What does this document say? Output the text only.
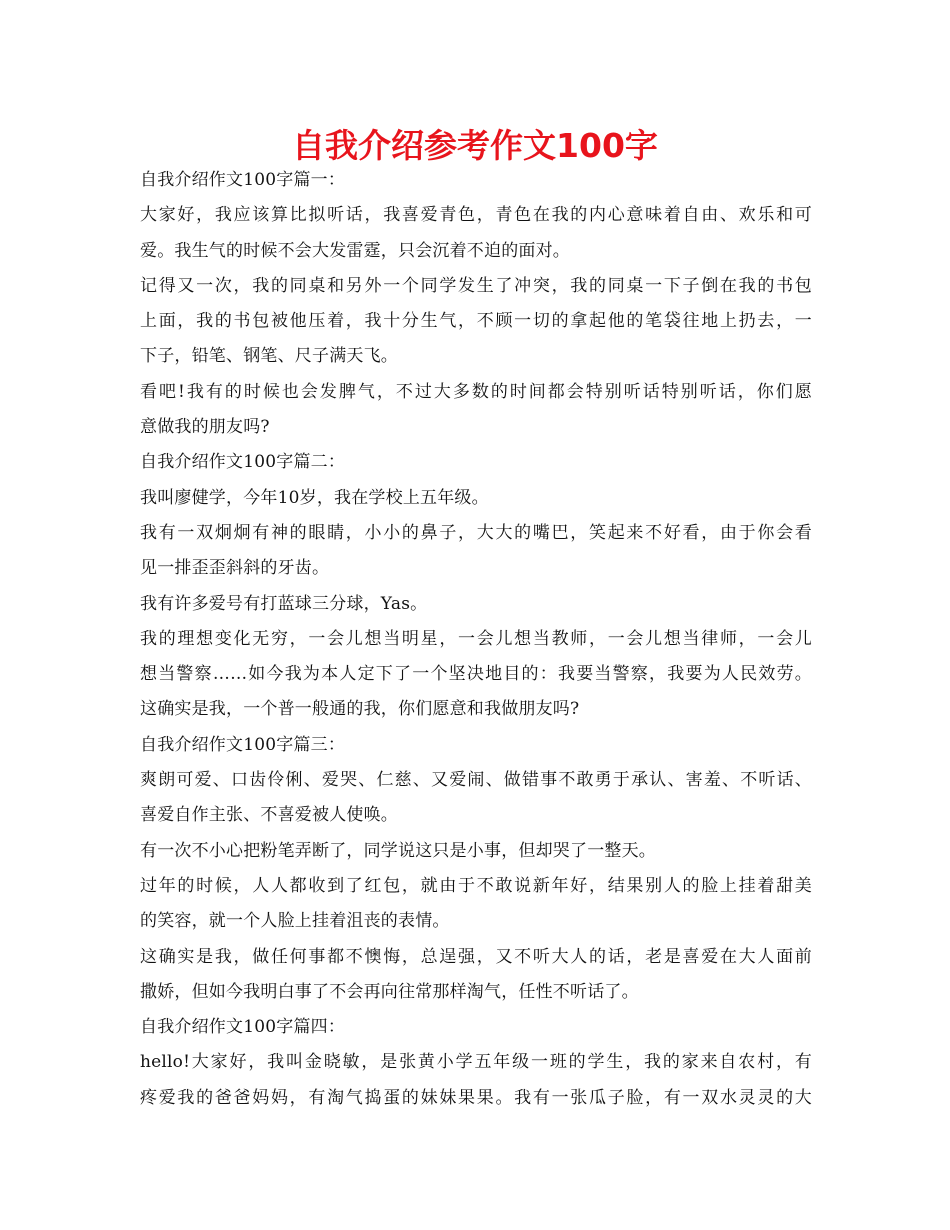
自我介绍参考作文100字
自我介绍作文100字篇一：
大家好，我应该算比拟听话，我喜爱青色，青色在我的内心意味着自由、欢乐和可
爱。我生气的时候不会大发雷霆，只会沉着不迫的面对。
记得又一次，我的同桌和另外一个同学发生了冲突，我的同桌一下子倒在我的书包
上面，我的书包被他压着，我十分生气，不顾一切的拿起他的笔袋往地上扔去，一
下子，铅笔、钢笔、尺子满天飞。
看吧!我有的时候也会发脾气，不过大多数的时间都会特别听话特别听话，你们愿
意做我的朋友吗?
自我介绍作文100字篇二：
我叫廖健学，今年10岁，我在学校上五年级。
我有一双炯炯有神的眼睛，小小的鼻子，大大的嘴巴，笑起来不好看，由于你会看
见一排歪歪斜斜的牙齿。
我有许多爱号有打蓝球三分球，Yas。
我的理想变化无穷，一会儿想当明星，一会儿想当教师，一会儿想当律师，一会儿
想当警察……如今我为本人定下了一个坚决地目的：我要当警察，我要为人民效劳。
这确实是我，一个普一般通的我，你们愿意和我做朋友吗?
自我介绍作文100字篇三：
爽朗可爱、口齿伶俐、爱哭、仁慈、又爱闹、做错事不敢勇于承认、害羞、不听话、
喜爱自作主张、不喜爱被人使唤。
有一次不小心把粉笔弄断了，同学说这只是小事，但却哭了一整天。
过年的时候，人人都收到了红包，就由于不敢说新年好，结果别人的脸上挂着甜美
的笑容，就一个人脸上挂着沮丧的表情。
这确实是我，做任何事都不懊悔，总逞强，又不听大人的话，老是喜爱在大人面前
撒娇，但如今我明白事了不会再向往常那样淘气，任性不听话了。
自我介绍作文100字篇四：
hello!大家好，我叫金晓敏，是张黄小学五年级一班的学生，我的家来自农村，有
疼爱我的爸爸妈妈，有淘气捣蛋的妹妹果果。我有一张瓜子脸，有一双水灵灵的大
